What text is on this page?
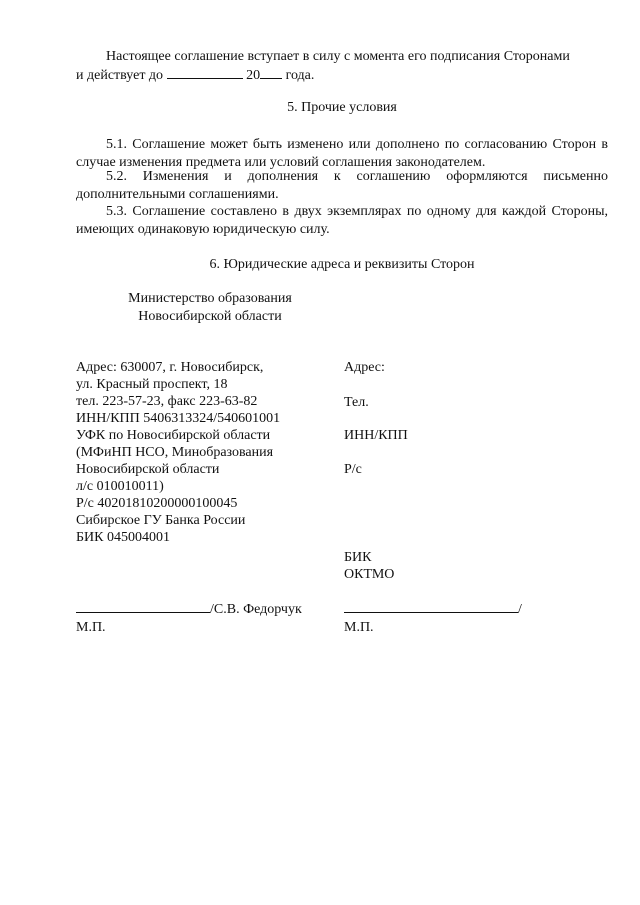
Настоящее соглашение вступает в силу с момента его подписания Сторонами
и действует до	20 года.

5. Прочие условия

5.1. Соглашение может быть изменено или дополнено по согласованию Сторон в случае изменения предмета или условий соглашения законодателем.

5.2. Изменения и дополнения к соглашению оформляются письменно дополнительными соглашениями.

5.3. Соглашение составлено в двух экземплярах по одному для каждой Стороны, имеющих одинаковую юридическую силу.

6. Юридические адреса и реквизиты Сторон

Министерство образования
Новосибирской области
Адрес: 630007, г. Новосибирск,
ул. Красный проспект, 18
тел. 223-57-23, факс 223-63-82
ИНН/КПП 5406313324/540601001
УФК по Новосибирской области
(МФиНП НСО, Минобразования
Новосибирской области
л/с 010010011)
Р/с 40201810200000100045
Сибирское ГУ Банка России
БИК 045004001
Адрес:
Тел.
ИНН/КПП
Р/с
БИК
ОКТМО
/С.В. Федорчук
М.П.
/
М.П.
